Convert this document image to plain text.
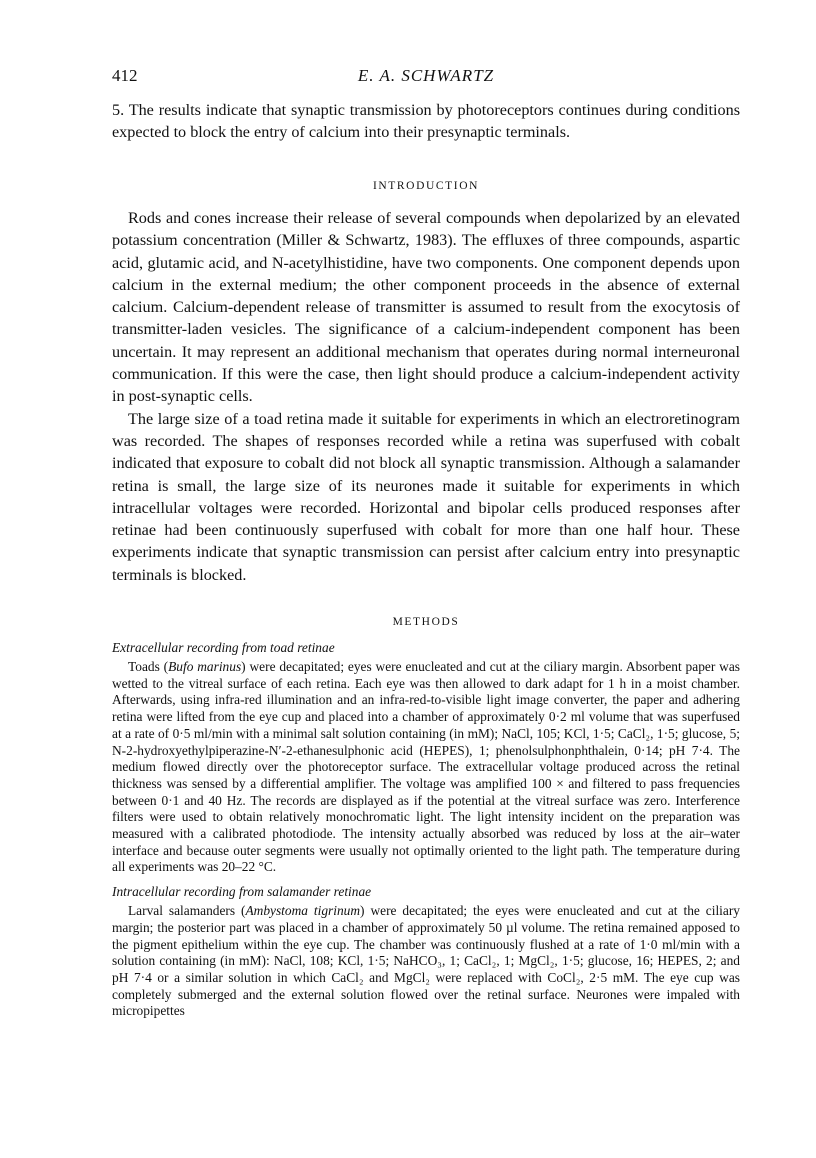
412	E. A. SCHWARTZ

5. The results indicate that synaptic transmission by photoreceptors continues during conditions expected to block the entry of calcium into their presynaptic terminals.

INTRODUCTION

Rods and cones increase their release of several compounds when depolarized by an elevated potassium concentration (Miller & Schwartz, 1983). The effluxes of three compounds, aspartic acid, glutamic acid, and N-acetylhistidine, have two components. One component depends upon calcium in the external medium; the other component proceeds in the absence of external calcium. Calcium-dependent release of transmitter is assumed to result from the exocytosis of transmitter-laden vesicles. The significance of a calcium-independent component has been uncertain. It may represent an additional mechanism that operates during normal interneuronal communication. If this were the case, then light should produce a calcium-independent activity in post-synaptic cells.

The large size of a toad retina made it suitable for experiments in which an electroretinogram was recorded. The shapes of responses recorded while a retina was superfused with cobalt indicated that exposure to cobalt did not block all synaptic transmission. Although a salamander retina is small, the large size of its neurones made it suitable for experiments in which intracellular voltages were recorded. Horizontal and bipolar cells produced responses after retinae had been continuously superfused with cobalt for more than one half hour. These experiments indicate that synaptic transmission can persist after calcium entry into presynaptic terminals is blocked.

METHODS

Extracellular recording from toad retinae

Toads (Bufo marinus) were decapitated; eyes were enucleated and cut at the ciliary margin. Absorbent paper was wetted to the vitreal surface of each retina. Each eye was then allowed to dark adapt for 1 h in a moist chamber. Afterwards, using infra-red illumination and an infra-red-to-visible light image converter, the paper and adhering retina were lifted from the eye cup and placed into a chamber of approximately 0·2 ml volume that was superfused at a rate of 0·5 ml/min with a minimal salt solution containing (in mM); NaCl, 105; KCl, 1·5; CaCl₂, 1·5; glucose, 5; N-2-hydroxyethylpiperazine-N′-2-ethanesulphonic acid (HEPES), 1; phenolsulphonphthalein, 0·14; pH 7·4. The medium flowed directly over the photoreceptor surface. The extracellular voltage produced across the retinal thickness was sensed by a differential amplifier. The voltage was amplified 100 × and filtered to pass frequencies between 0·1 and 40 Hz. The records are displayed as if the potential at the vitreal surface was zero. Interference filters were used to obtain relatively monochromatic light. The light intensity incident on the preparation was measured with a calibrated photodiode. The intensity actually absorbed was reduced by loss at the air–water interface and because outer segments were usually not optimally oriented to the light path. The temperature during all experiments was 20–22 °C.

Intracellular recording from salamander retinae

Larval salamanders (Ambystoma tigrinum) were decapitated; the eyes were enucleated and cut at the ciliary margin; the posterior part was placed in a chamber of approximately 50 µl volume. The retina remained apposed to the pigment epithelium within the eye cup. The chamber was continuously flushed at a rate of 1·0 ml/min with a solution containing (in mM): NaCl, 108; KCl, 1·5; NaHCO₃, 1; CaCl₂, 1; MgCl₂, 1·5; glucose, 16; HEPES, 2; and pH 7·4 or a similar solution in which CaCl₂ and MgCl₂ were replaced with CoCl₂, 2·5 mM. The eye cup was completely submerged and the external solution flowed over the retinal surface. Neurones were impaled with micropipettes
